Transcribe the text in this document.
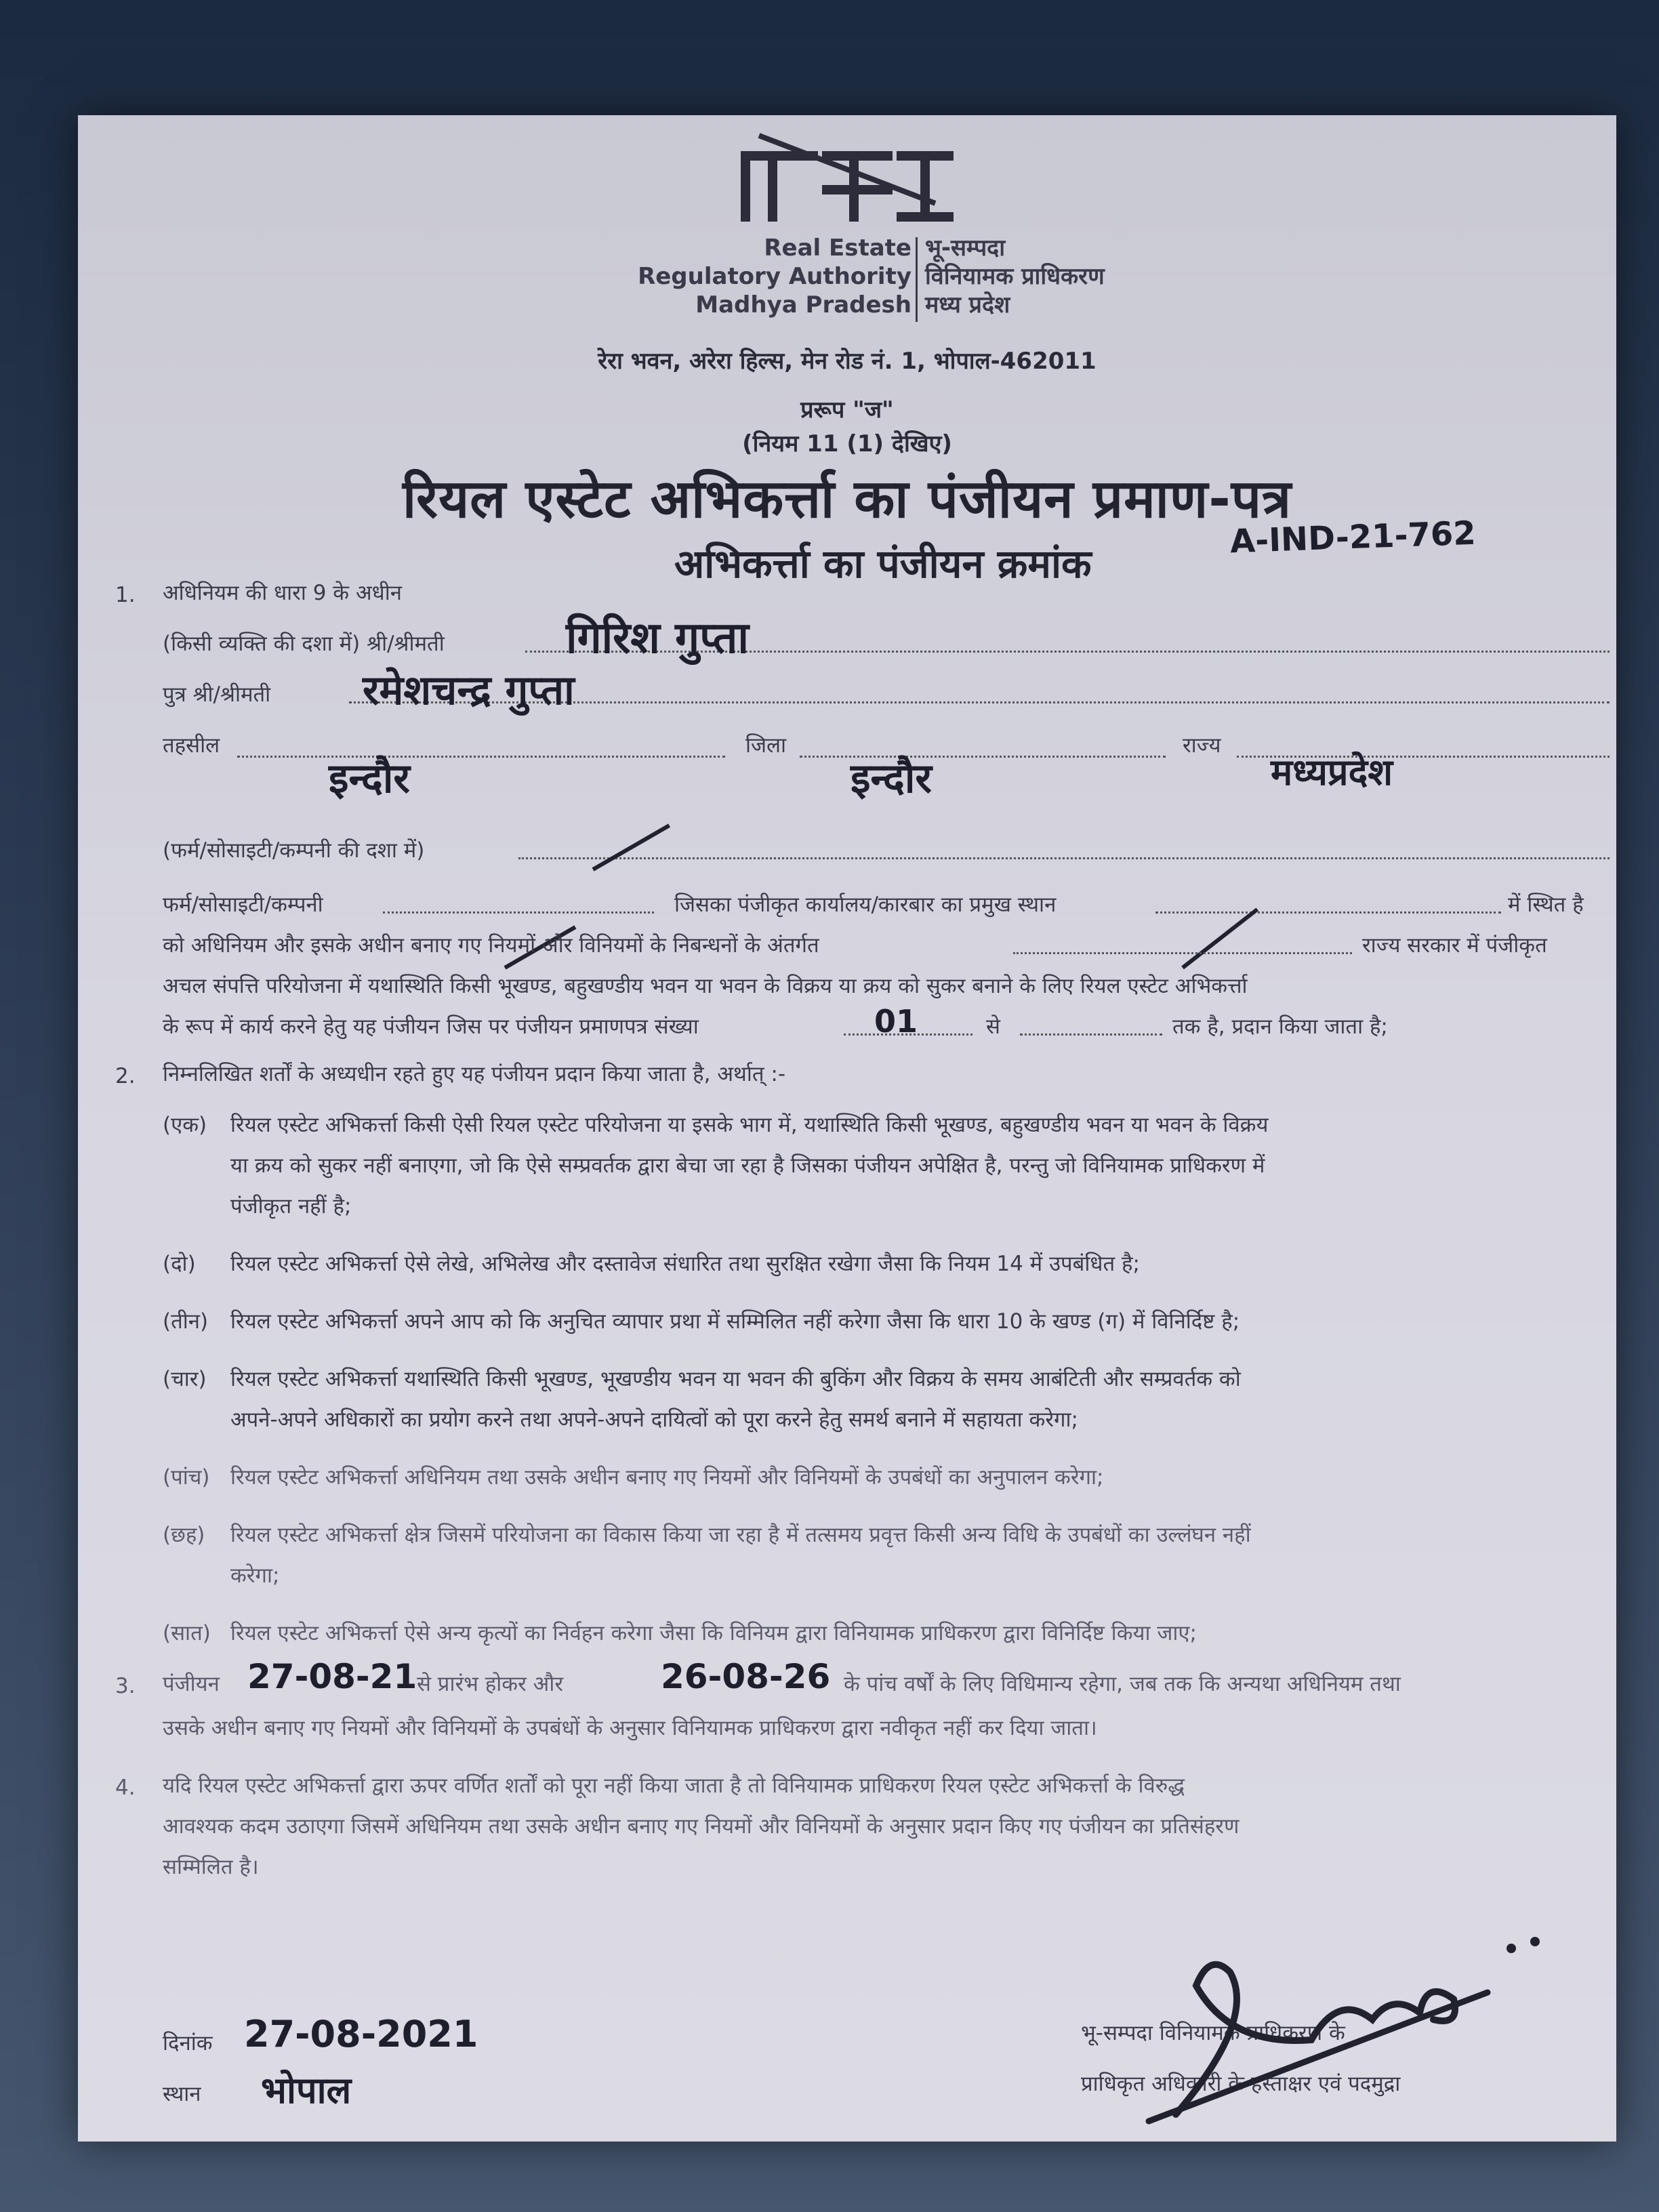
Real Estate
Regulatory Authority
Madhya Pradesh
भू-सम्पदा
विनियामक प्राधिकरण
मध्य प्रदेश
रेरा भवन, अरेरा हिल्स, मेन रोड नं. 1, भोपाल-462011
प्ररूप "ज"
(नियम 11 (1) देखिए)
रियल एस्टेट अभिकर्त्ता का पंजीयन प्रमाण-पत्र
अभिकर्त्ता का पंजीयन क्रमांक
A-IND-21-762
1. अधिनियम की धारा 9 के अधीन
(किसी व्यक्ति की दशा में) श्री/श्रीमती	गिरिश गुप्ता
पुत्र श्री/श्रीमती रमेशचन्द्र गुप्ता
तहसील
इन्दौर
जिला
इन्दौर
राज्य
मध्यप्रदेश
(फर्म/सोसाइटी/कम्पनी की दशा में)
फर्म/सोसाइटी/कम्पनी	जिसका पंजीकृत कार्यालय/कारबार का प्रमुख स्थान	में स्थित है
को अधिनियम और इसके अधीन बनाए गए नियमों और विनियमों के निबन्धनों के अंतर्गत	राज्य सरकार में पंजीकृत
अचल संपत्ति परियोजना में यथास्थिति किसी भूखण्ड, बहुखण्डीय भवन या भवन के विक्रय या क्रय को सुकर बनाने के लिए रियल एस्टेट अभिकर्त्ता
के रूप में कार्य करने हेतु यह पंजीयन जिस पर पंजीयन प्रमाणपत्र संख्या	01	से	तक है, प्रदान किया जाता है;
2. निम्नलिखित शर्तों के अध्यधीन रहते हुए यह पंजीयन प्रदान किया जाता है, अर्थात् :-
(एक) रियल एस्टेट अभिकर्त्ता किसी ऐसी रियल एस्टेट परियोजना या इसके भाग में, यथास्थिति किसी भूखण्ड, बहुखण्डीय भवन या भवन के विक्रय
या क्रय को सुकर नहीं बनाएगा, जो कि ऐसे सम्प्रवर्तक द्वारा बेचा जा रहा है जिसका पंजीयन अपेक्षित है, परन्तु जो विनियामक प्राधिकरण में
पंजीकृत नहीं है;
(दो) रियल एस्टेट अभिकर्त्ता ऐसे लेखे, अभिलेख और दस्तावेज संधारित तथा सुरक्षित रखेगा जैसा कि नियम 14 में उपबंधित है;
(तीन) रियल एस्टेट अभिकर्त्ता अपने आप को कि अनुचित व्यापार प्रथा में सम्मिलित नहीं करेगा जैसा कि धारा 10 के खण्ड (ग) में विनिर्दिष्ट है;
(चार) रियल एस्टेट अभिकर्त्ता यथास्थिति किसी भूखण्ड, भूखण्डीय भवन या भवन की बुकिंग और विक्रय के समय आबंटिती और सम्प्रवर्तक को
अपने-अपने अधिकारों का प्रयोग करने तथा अपने-अपने दायित्वों को पूरा करने हेतु समर्थ बनाने में सहायता करेगा;
(पांच) रियल एस्टेट अभिकर्त्ता अधिनियम तथा उसके अधीन बनाए गए नियमों और विनियमों के उपबंधों का अनुपालन करेगा;
(छह) रियल एस्टेट अभिकर्त्ता क्षेत्र जिसमें परियोजना का विकास किया जा रहा है में तत्समय प्रवृत्त किसी अन्य विधि के उपबंधों का उल्लंघन नहीं
करेगा;
(सात) रियल एस्टेट अभिकर्त्ता ऐसे अन्य कृत्यों का निर्वहन करेगा जैसा कि विनियम द्वारा विनियामक प्राधिकरण द्वारा विनिर्दिष्ट किया जाए;
3. पंजीयन 27-08-21 से प्रारंभ होकर और	26-08-26 के पांच वर्षों के लिए विधिमान्य रहेगा, जब तक कि अन्यथा अधिनियम तथा
उसके अधीन बनाए गए नियमों और विनियमों के उपबंधों के अनुसार विनियामक प्राधिकरण द्वारा नवीकृत नहीं कर दिया जाता।
4. यदि रियल एस्टेट अभिकर्त्ता द्वारा ऊपर वर्णित शर्तों को पूरा नहीं किया जाता है तो विनियामक प्राधिकरण रियल एस्टेट अभिकर्त्ता के विरुद्ध
आवश्यक कदम उठाएगा जिसमें अधिनियम तथा उसके अधीन बनाए गए नियमों और विनियमों के अनुसार प्रदान किए गए पंजीयन का प्रतिसंहरण
सम्मिलित है।
दिनांक 27-08-2021
स्थान भोपाल
भू-सम्पदा विनियामक प्राधिकरण के
प्राधिकृत अधिकारी के हस्ताक्षर एवं पदमुद्रा
